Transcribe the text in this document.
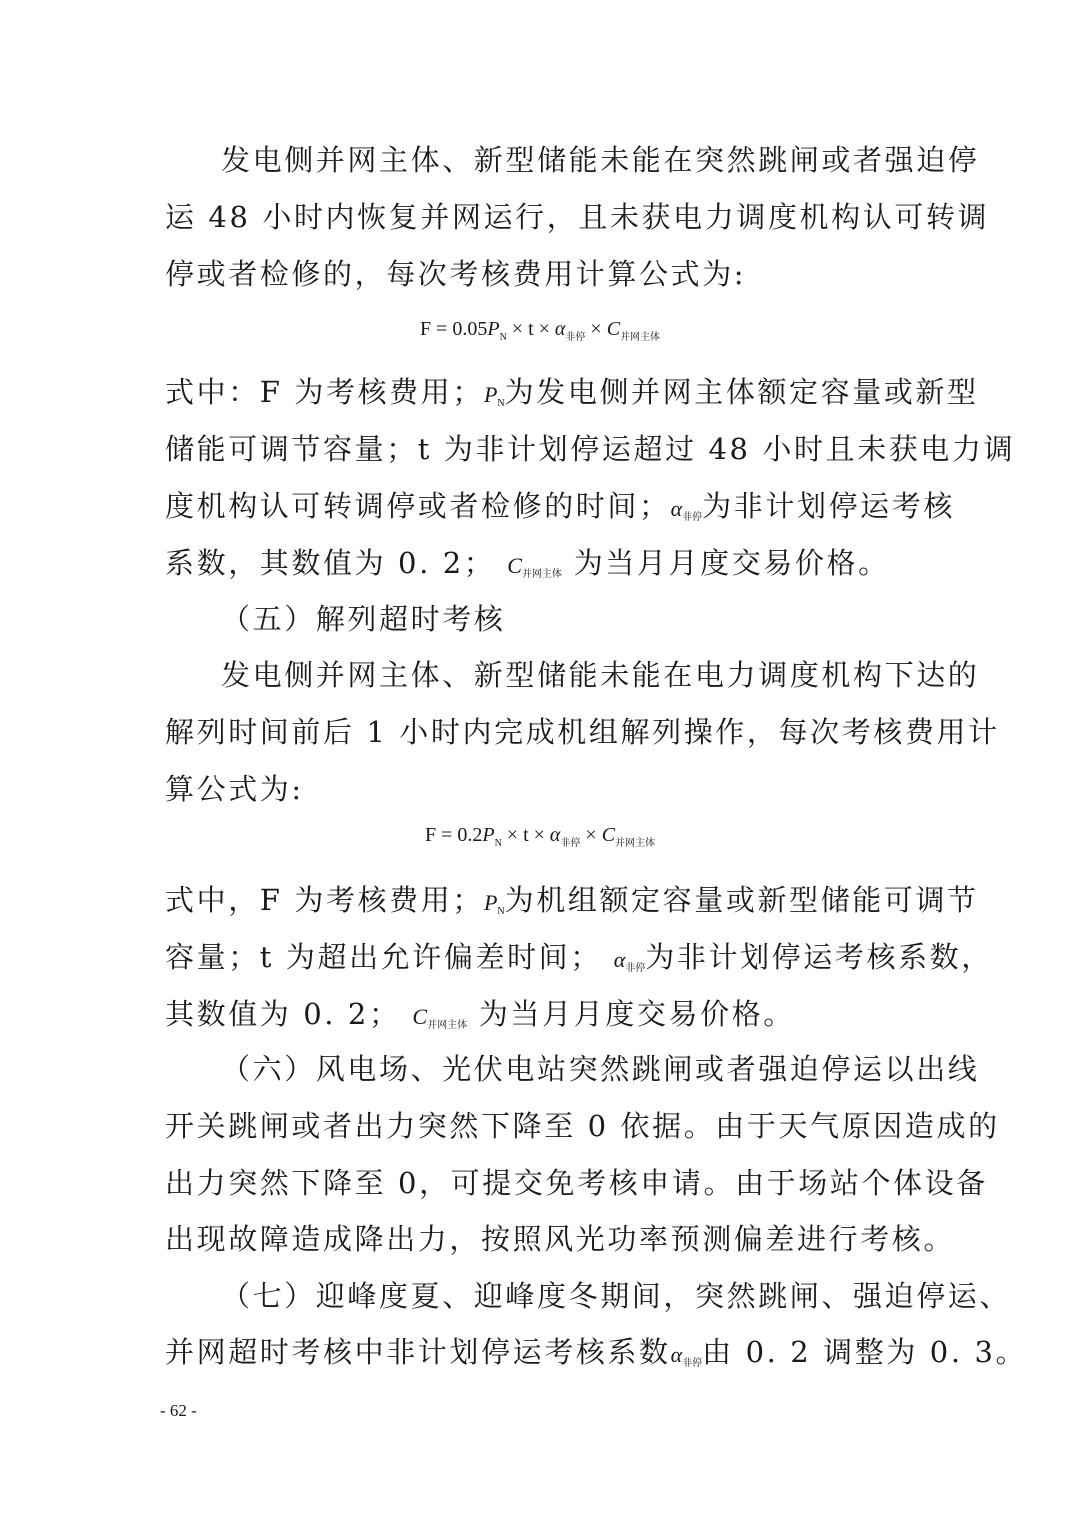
发电侧并网主体、新型储能未能在突然跳闸或者强迫停
运 48 小时内恢复并网运行，且未获电力调度机构认可转调
停或者检修的，每次考核费用计算公式为:
$F = 0.05P_N \times t \times \alpha_{非停} \times C_{并网主体}$
式中：F 为考核费用；$P_N$为发电侧并网主体额定容量或新型
储能可调节容量；t 为非计划停运超过 48 小时且未获电力调
度机构认可转调停或者检修的时间；$\alpha_{非停}$为非计划停运考核
系数，其数值为 0. 2； $C_{并网主体}$ 为当月月度交易价格。
（五）解列超时考核
发电侧并网主体、新型储能未能在电力调度机构下达的
解列时间前后 1 小时内完成机组解列操作，每次考核费用计
算公式为:
$F = 0.2P_N \times t \times \alpha_{非停} \times C_{并网主体}$
式中，F 为考核费用；$P_N$为机组额定容量或新型储能可调节
容量；t 为超出允许偏差时间； $\alpha_{非停}$为非计划停运考核系数，
其数值为 0. 2； $C_{并网主体}$ 为当月月度交易价格。
（六）风电场、光伏电站突然跳闸或者强迫停运以出线
开关跳闸或者出力突然下降至 0 依据。由于天气原因造成的
出力突然下降至 0，可提交免考核申请。由于场站个体设备
出现故障造成降出力，按照风光功率预测偏差进行考核。
（七）迎峰度夏、迎峰度冬期间，突然跳闸、强迫停运、
并网超时考核中非计划停运考核系数$\alpha_{非停}$由 0. 2 调整为 0. 3。
- 62 -
